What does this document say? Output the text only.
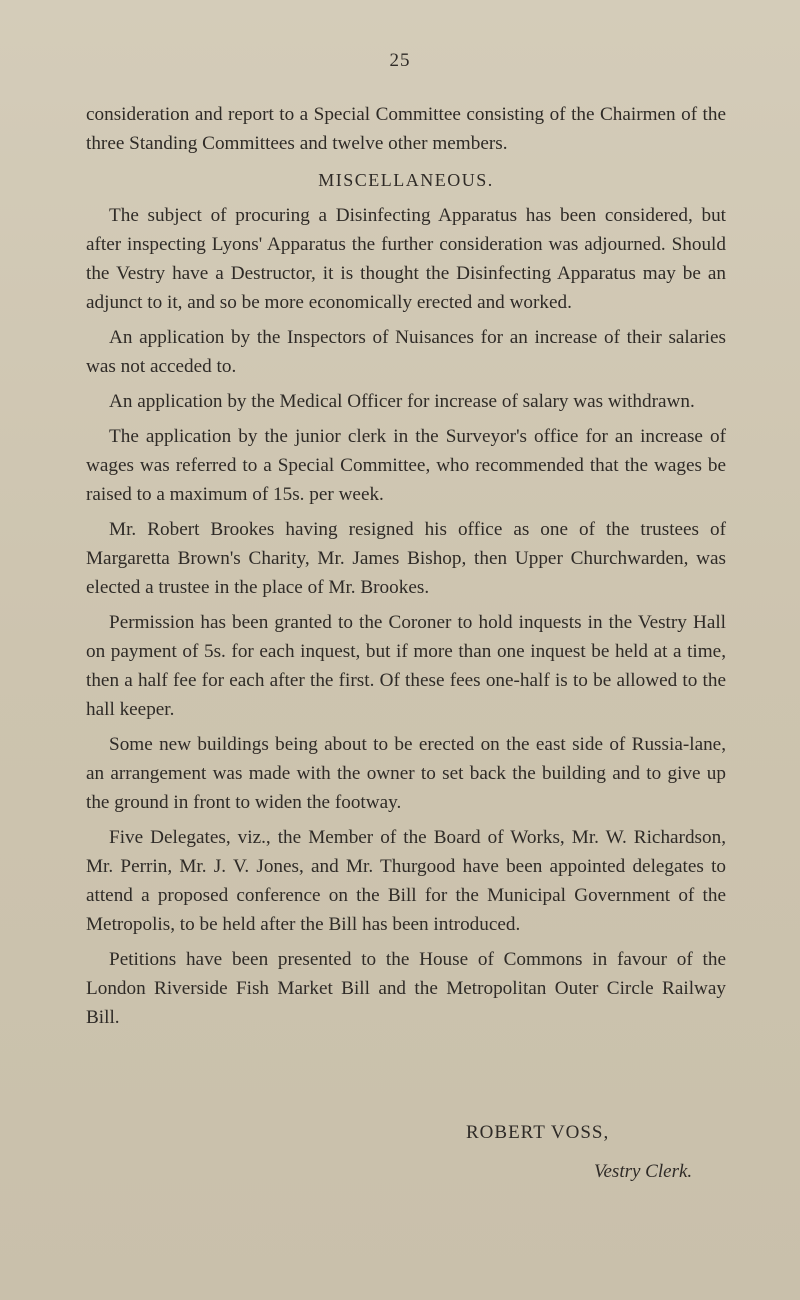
25

consideration and report to a Special Committee consisting of the Chairmen of the three Standing Committees and twelve other members.

MISCELLANEOUS.

The subject of procuring a Disinfecting Apparatus has been considered, but after inspecting Lyons' Apparatus the further consideration was adjourned. Should the Vestry have a Destructor, it is thought the Disinfecting Apparatus may be an adjunct to it, and so be more economically erected and worked.

An application by the Inspectors of Nuisances for an increase of their salaries was not acceded to.

An application by the Medical Officer for increase of salary was withdrawn.

The application by the junior clerk in the Surveyor's office for an increase of wages was referred to a Special Committee, who recommended that the wages be raised to a maximum of 15s. per week.

Mr. Robert Brookes having resigned his office as one of the trustees of Margaretta Brown's Charity, Mr. James Bishop, then Upper Churchwarden, was elected a trustee in the place of Mr. Brookes.

Permission has been granted to the Coroner to hold inquests in the Vestry Hall on payment of 5s. for each inquest, but if more than one inquest be held at a time, then a half fee for each after the first. Of these fees one-half is to be allowed to the hall keeper.

Some new buildings being about to be erected on the east side of Russia-lane, an arrangement was made with the owner to set back the building and to give up the ground in front to widen the footway.

Five Delegates, viz., the Member of the Board of Works, Mr. W. Richardson, Mr. Perrin, Mr. J. V. Jones, and Mr. Thurgood have been appointed delegates to attend a proposed conference on the Bill for the Municipal Government of the Metropolis, to be held after the Bill has been introduced.

Petitions have been presented to the House of Commons in favour of the London Riverside Fish Market Bill and the Metropolitan Outer Circle Railway Bill.

ROBERT VOSS,
Vestry Clerk.
